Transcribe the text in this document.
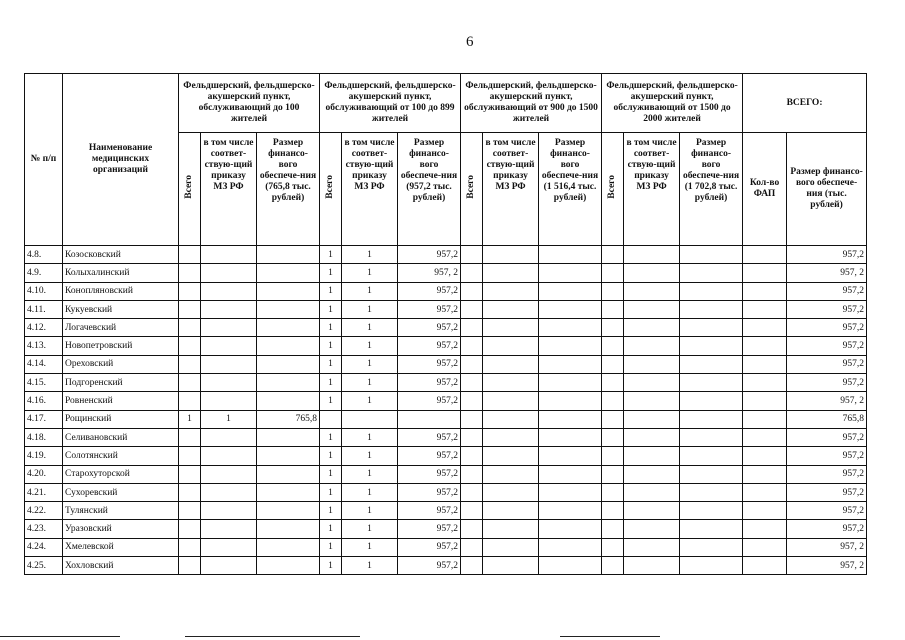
6
№ п/п	Наименование медицинских организаций	Фельдшерский, фельдшерско-акушерский пункт, обслуживающий до 100 жителей			Фельдшерский, фельдшерско-акушерский пункт, обслуживающий от 100 до 899 жителей			Фельдшерский, фельдшерско-акушерский пункт, обслуживающий от 900 до 1500 жителей			Фельдшерский, фельдшерско-акушерский пункт, обслуживающий от 1500 до 2000 жителей			ВСЕГО:	
		Всего	в том числе соответ-ствую-щий приказу МЗ РФ	Размер финансо-вого обеспече-ния (765,8 тыс. рублей)	Всего	в том числе соответ-ствую-щий приказу МЗ РФ	Размер финансо-вого обеспече-ния (957,2 тыс. рублей)	Всего	в том числе соответ-ствую-щий приказу МЗ РФ	Размер финансо-вого обеспече-ния (1 516,4 тыс. рублей)	Всего	в том числе соответ-ствую-щий приказу МЗ РФ	Размер финансо-вого обеспече-ния (1 702,8 тыс. рублей)	Кол-во ФАП	Размер финансо-вого обеспече-ния (тыс. рублей)
4.8.	Козосковский				1	1	957,2								957,2
4.9.	Колыхалинский				1	1	957, 2								957, 2
4.10.	Конопляновский				1	1	957,2								957,2
4.11.	Кукуевский				1	1	957,2								957,2
4.12.	Логачевский				1	1	957,2								957,2
4.13.	Новопетровский				1	1	957,2								957,2
4.14.	Ореховский				1	1	957,2								957,2
4.15.	Подгоренский				1	1	957,2								957,2
4.16.	Ровненский				1	1	957,2								957, 2
4.17.	Рощинский	1	1	765,8											765,8
4.18.	Селивановский				1	1	957,2								957,2
4.19.	Солотянский				1	1	957,2								957,2
4.20.	Старохуторской				1	1	957,2								957,2
4.21.	Сухоревский				1	1	957,2								957,2
4.22.	Тулянский				1	1	957,2								957,2
4.23.	Уразовский				1	1	957,2								957,2
4.24.	Хмелевской				1	1	957,2								957, 2
4.25.	Хохловский				1	1	957,2								957, 2
